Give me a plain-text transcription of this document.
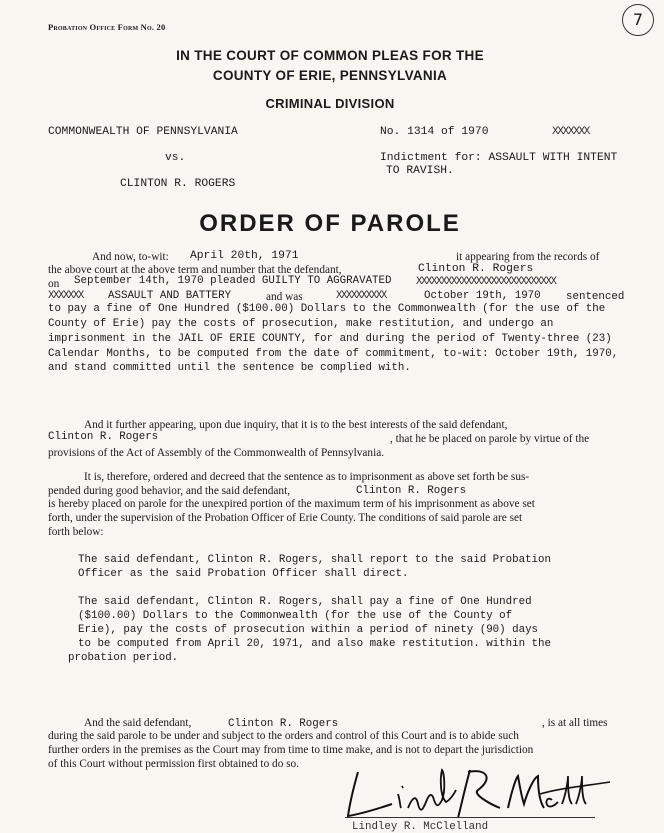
Probation Office Form No. 20	7
IN THE COURT OF COMMON PLEAS FOR THE
COUNTY OF ERIE, PENNSYLVANIA
CRIMINAL DIVISION
COMMONWEALTH OF PENNSYLVANIA
vs.
CLINTON R. ROGERS
No. 1314 of 1970	XXXXXXX
Indictment for: ASSAULT WITH INTENT
TO RAVISH.
ORDER OF PAROLE
And now, to-wit: April 20th, 1971	it appearing from the records of
the above court at the above term and number that the defendant,	Clinton R. Rogers
on September 14th, 1970 pleaded GUILTY TO AGGRAVATED XXXXXXXXXXXXXXXXXXXXXXXXXXXX
XXXXXXX ASSAULT AND BATTERY	and was	XXXXXXXXXX	October 19th, 1970 sentenced
to pay a fine of One Hundred ($100.00) Dollars to the Commonwealth (for the use of the
County of Erie) pay the costs of prosecution, make restitution, and undergo an
imprisonment in the JAIL OF ERIE COUNTY, for and during the period of Twenty-three (23)
Calendar Months, to be computed from the date of commitment, to-wit: October 19th, 1970,
and stand committed until the sentence be complied with.
And it further appearing, upon due inquiry, that it is to the best interests of the said defendant,
Clinton R. Rogers	, that he be placed on parole by virtue of the
provisions of the Act of Assembly of the Commonwealth of Pennsylvania.
It is, therefore, ordered and decreed that the sentence as to imprisonment as above set forth be sus-
pended during good behavior, and the said defendant,	Clinton R. Rogers
is hereby placed on parole for the unexpired portion of the maximum term of his imprisonment as above set
forth, under the supervision of the Probation Officer of Erie County. The conditions of said parole are set
forth below:
The said defendant, Clinton R. Rogers, shall report to the said Probation
Officer as the said Probation Officer shall direct.
The said defendant, Clinton R. Rogers, shall pay a fine of One Hundred
($100.00) Dollars to the Commonwealth (for the use of the County of
Erie), pay the costs of prosecution within a period of ninety (90) days
to be computed from April 20, 1971, and also make restitution. within the
probation period.
And the said defendant,	Clinton R. Rogers	, is at all times
during the said parole to be under and subject to the orders and control of this Court and is to abide such
further orders in the premises as the Court may from time to time make, and is not to depart the jurisdiction
of this Court without permission first obtained to do so.
Lindley R. McClelland
